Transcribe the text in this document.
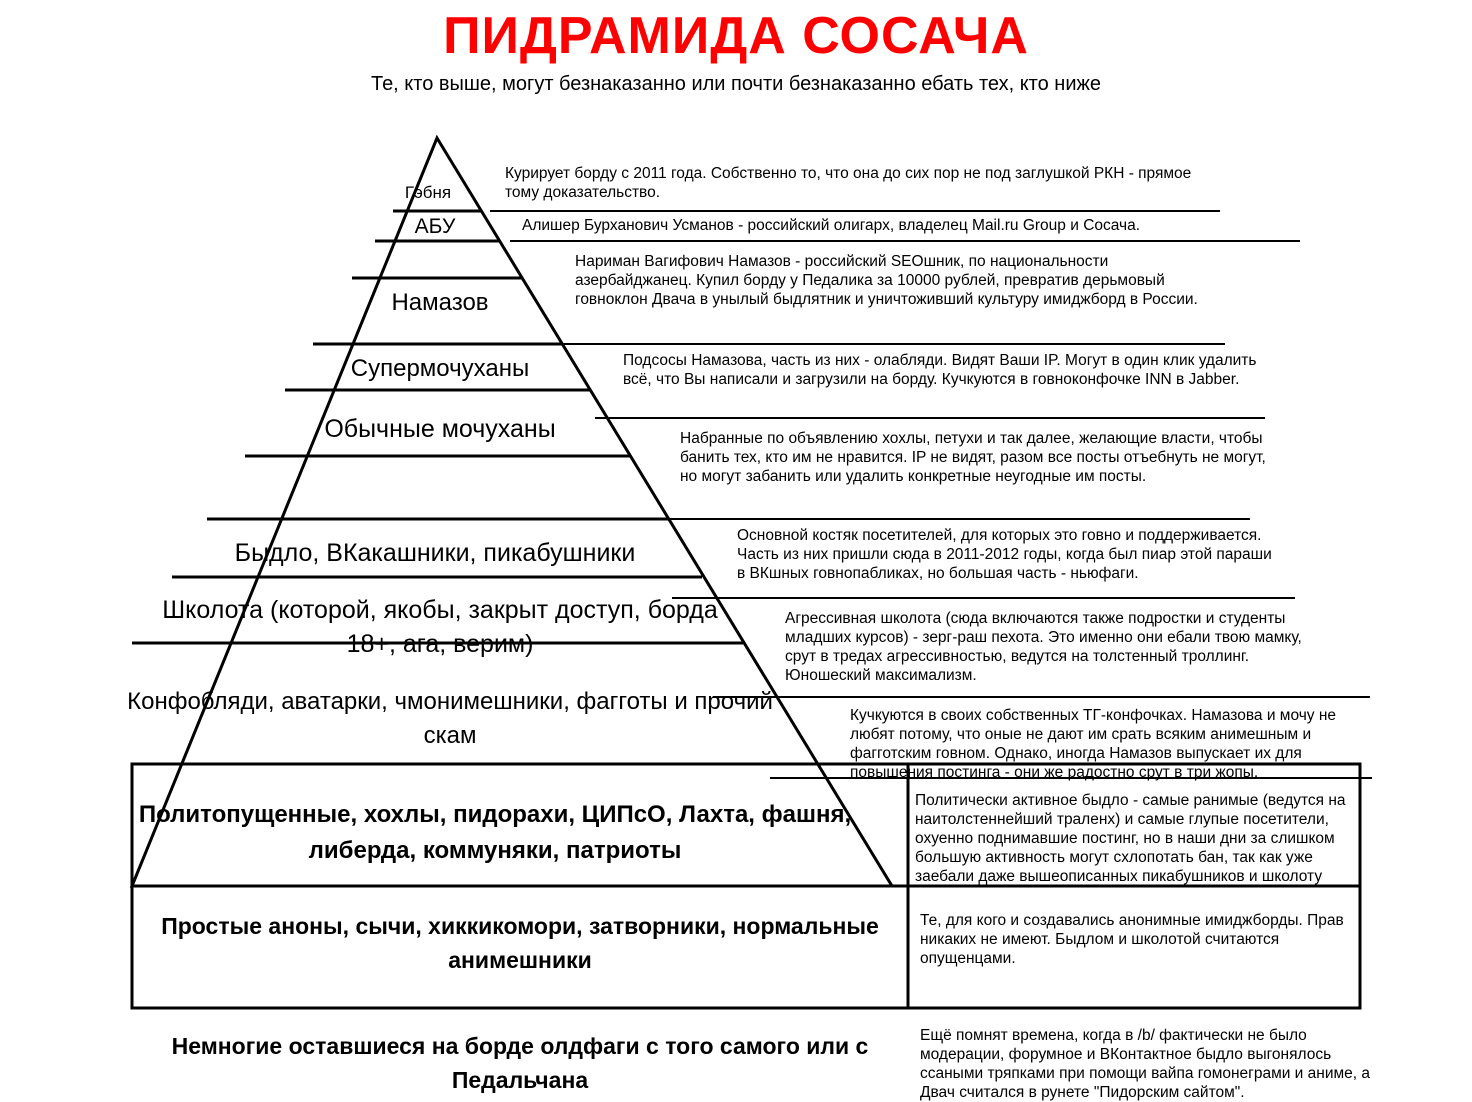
ПИДРАМИДА СОСАЧА
Те, кто выше, могут безнаказанно или почти безнаказанно ебать тех, кто ниже
Гэбня
АБУ
Намазов
Супермочуханы
Обычные мочуханы
Быдло, ВКакашники, пикабушники
Школота (которой, якобы, закрыт доступ, борда 18+, ага, верим)
Конфобляди, аватарки, чмонимешники, фагготы и прочий скам
Политопущенные, хохлы, пидорахи, ЦИПсО, Лахта, фашня, либерда, коммуняки, патриоты
Простые аноны, сычи, хиккикомори, затворники, нормальные анимешники
Немногие оставшиеся на борде олдфаги с того самого или с Педальчана
Курирует борду с 2011 года. Собственно то, что она до сих пор не под заглушкой РКН - прямое тому доказательство.
Алишер Бурханович Усманов - российский олигарх, владелец Mail.ru Group и Сосача.
Нариман Вагифович Намазов - российский SEOшник, по национальности азербайджанец. Купил борду у Педалика за 10000 рублей, превратив дерьмовый говноклон Двача в унылый быдлятник и уничтоживший культуру имиджборд в России.
Подсосы Намазова, часть из них - олабляди. Видят Ваши IP. Могут в один клик удалить всё, что Вы написали и загрузили на борду. Кучкуются в говноконфочке INN в Jabber.
Набранные по объявлению хохлы, петухи и так далее, желающие власти, чтобы банить тех, кто им не нравится. IP не видят, разом все посты отъебнуть не могут, но могут забанить или удалить конкретные неугодные им посты.
Основной костяк посетителей, для которых это говно и поддерживается. Часть из них пришли сюда в 2011-2012 годы, когда был пиар этой параши в ВКшных говнопабликах, но большая часть - ньюфаги.
Агрессивная школота (сюда включаются также подростки и студенты младших курсов) - зерг-раш пехота. Это именно они ебали твою мамку, срут в тредах агрессивностью, ведутся на толстенный троллинг. Юношеский максимализм.
Кучкуются в своих собственных ТГ-конфочках. Намазова и мочу не любят потому, что оные не дают им срать всяким анимешным и фагготским говном. Однако, иногда Намазов выпускает их для повышения постинга - они же радостно срут в три жопы.
Политически активное быдло - самые ранимые (ведутся на наитолстеннейший траленх) и самые глупые посетители, охуенно поднимавшие постинг, но в наши дни за слишком большую активность могут схлопотать бан, так как уже заебали даже вышеописанных пикабушников и школоту
Те, для кого и создавались анонимные имиджборды. Прав никаких не имеют. Быдлом и школотой считаются опущенцами.
Ещё помнят времена, когда в /b/ фактически не было модерации, форумное и ВКонтактное быдло выгонялось ссаными тряпками при помощи вайпа гомонеграми и аниме, а Двач считался в рунете "Пидорским сайтом".
